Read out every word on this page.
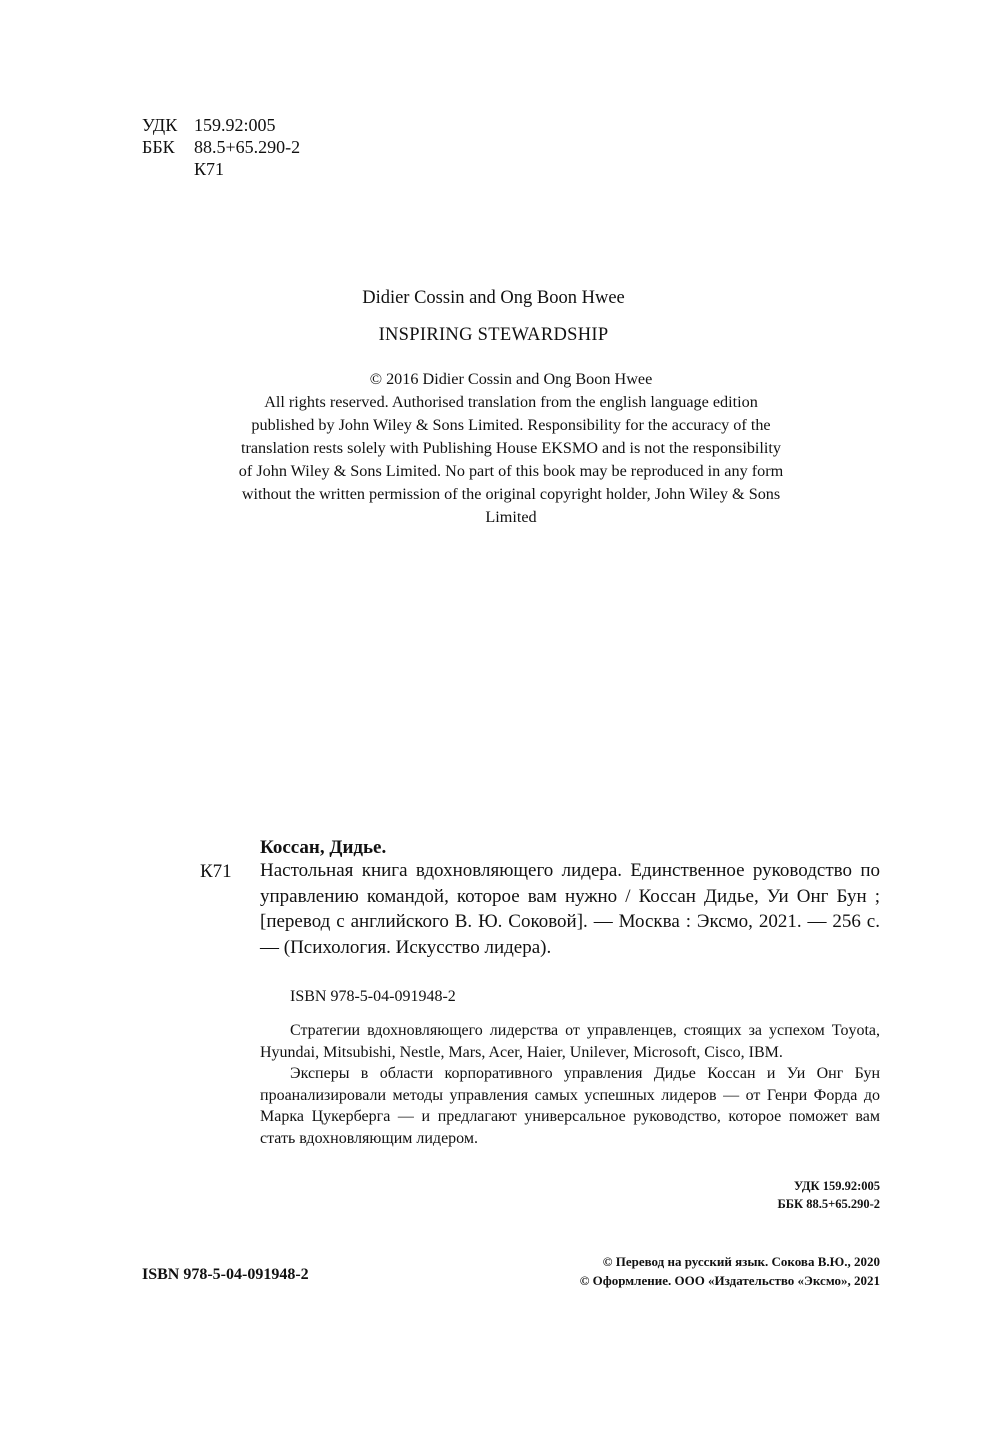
УДК 159.92:005
ББК	88.5+65.290-2
К71
Didier Cossin and Ong Boon Hwee
INSPIRING STEWARDSHIP

© 2016 Didier Cossin and Ong Boon Hwee

All rights reserved. Authorised translation from the english language edition

published by John Wiley & Sons Limited. Responsibility for the accuracy of the

translation rests solely with Publishing House EKSMO and is not the responsibility

of John Wiley & Sons Limited. No part of this book may be reproduced in any form

without the written permission of the original copyright holder, John Wiley & Sons

Limited

Коссан, Дидье.
К71 Настольная книга вдохновляющего лидера. Единственное руководство по управлению командой, которое вам нужно / Коссан Дидье, Уи Онг Бун ; [перевод с английского В. Ю. Соковой]. — Москва : Эксмо, 2021. — 256 с. — (Психология. Искусство лидера).

ISBN 978-5-04-091948-2

Стратегии вдохновляющего лидерства от управленцев, стоящих за успехом Toyota, Hyundai, Mitsubishi, Nestle, Mars, Acer, Haier, Unilever, Microsoft, Cisco, IBM.

Эксперы в области корпоративного управления Дидье Коссан и Уи Онг Бун проанализировали методы управления самых успешных лидеров — от Генри Форда до Марка Цукерберга — и предлагают универсальное руководство, которое поможет вам стать вдохновляющим лидером.

УДК 159.92:005
ББК 88.5+65.290-2
ISBN 978-5-04-091948-2
© Перевод на русский язык. Сокова В.Ю., 2020
© Оформление. ООО «Издательство «Эксмо», 2021
